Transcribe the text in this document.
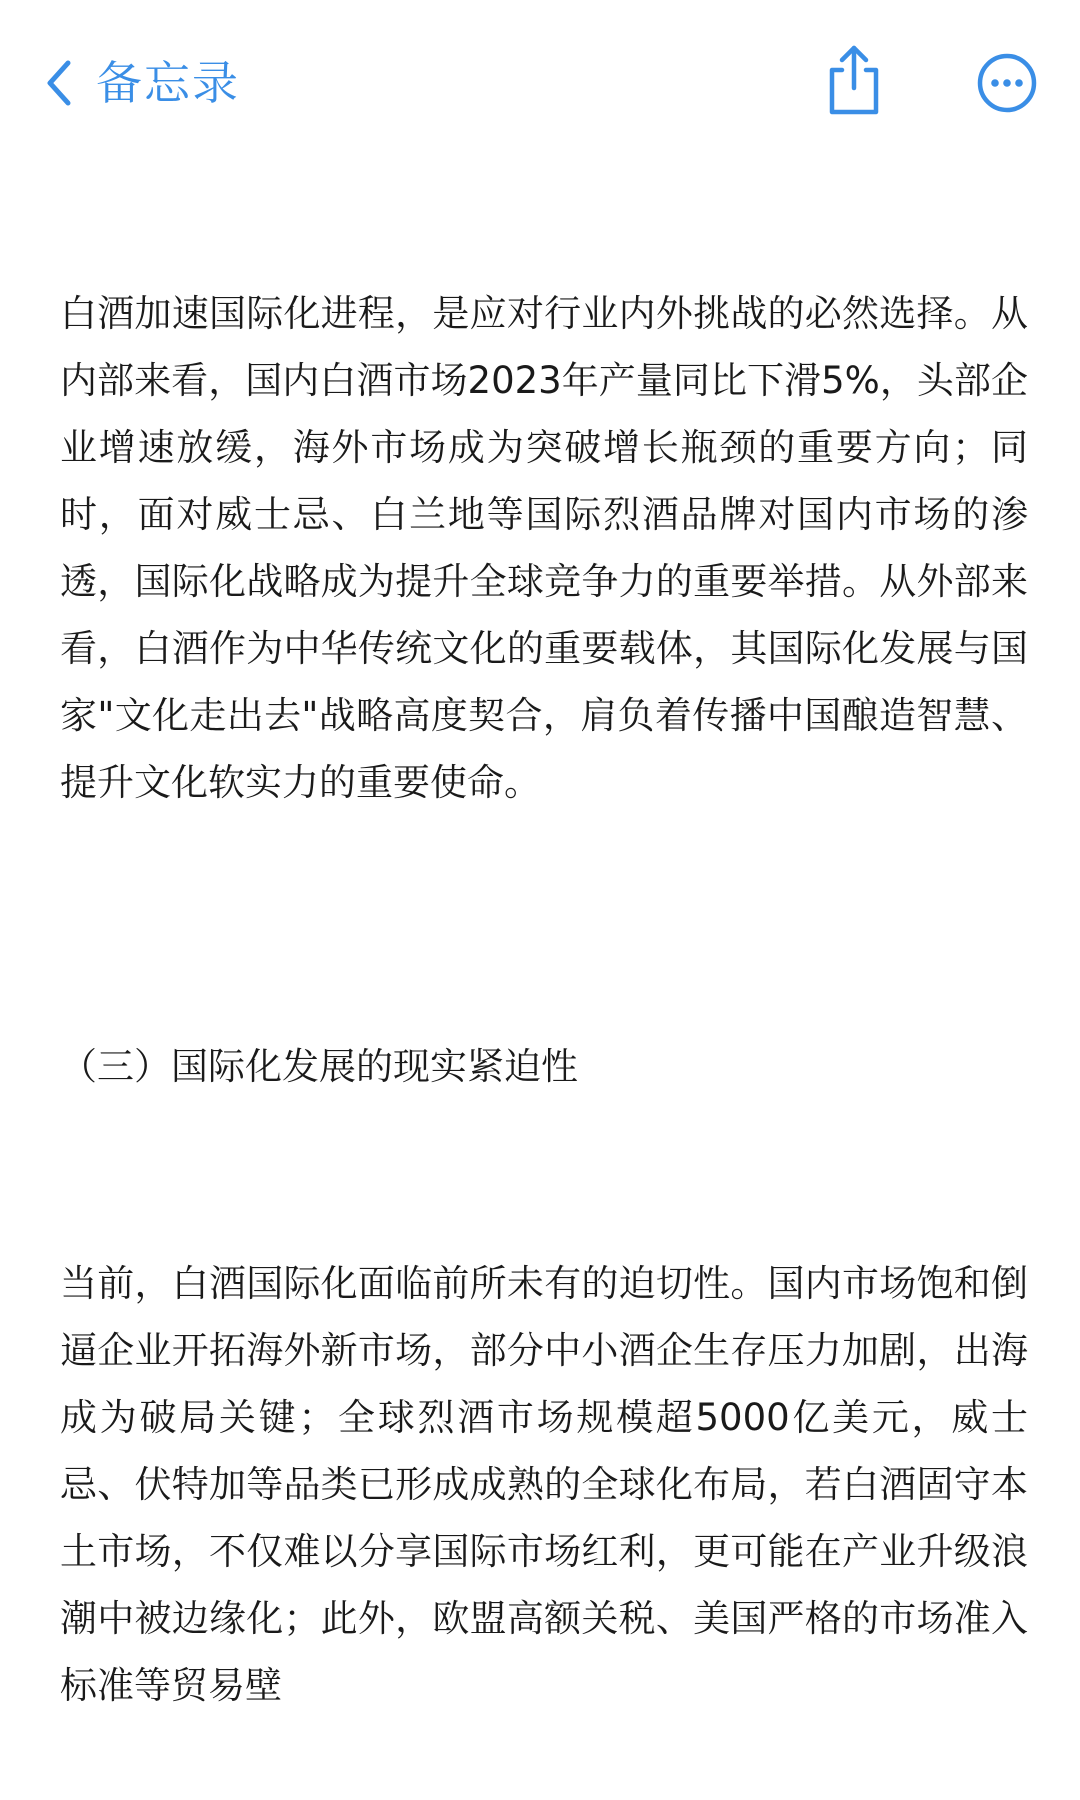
备忘录

白酒加速国际化进程，是应对行业内外挑战的必然选择。从内部来看，国内白酒市场2023年产量同比下滑5%，头部企业增速放缓，海外市场成为突破增长瓶颈的重要方向；同时，面对威士忌、白兰地等国际烈酒品牌对国内市场的渗透，国际化战略成为提升全球竞争力的重要举措。从外部来看，白酒作为中华传统文化的重要载体，其国际化发展与国家"文化走出去"战略高度契合，肩负着传播中国酿造智慧、提升文化软实力的重要使命。

（三）国际化发展的现实紧迫性

当前，白酒国际化面临前所未有的迫切性。国内市场饱和倒逼企业开拓海外新市场，部分中小酒企生存压力加剧，出海成为破局关键；全球烈酒市场规模超5000亿美元，威士忌、伏特加等品类已形成成熟的全球化布局，若白酒固守本土市场，不仅难以分享国际市场红利，更可能在产业升级浪潮中被边缘化；此外，欧盟高额关税、美国严格的市场准入标准等贸易壁
